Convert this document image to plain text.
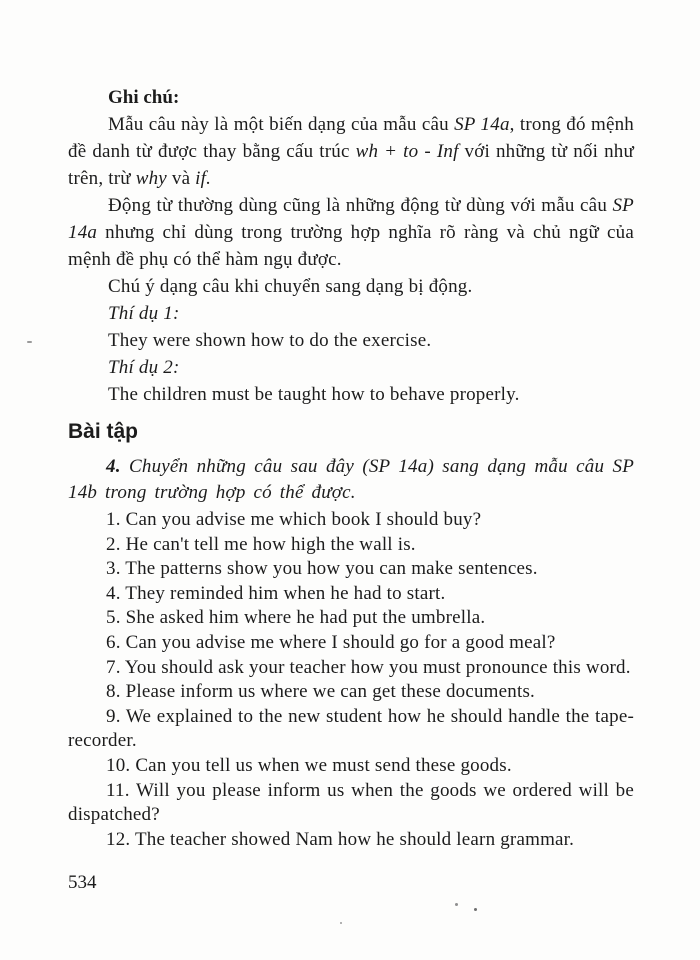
Ghi chú:

Mẫu câu này là một biến dạng của mẫu câu SP 14a, trong đó mệnh đề danh từ được thay bằng cấu trúc wh + to - Inf với những từ nối như trên, trừ why và if.

Động từ thường dùng cũng là những động từ dùng với mẫu câu SP 14a nhưng chỉ dùng trong trường hợp nghĩa rõ ràng và chủ ngữ của mệnh đề phụ có thể hàm ngụ được.

Chú ý dạng câu khi chuyển sang dạng bị động.

Thí dụ 1:

They were shown how to do the exercise.

Thí dụ 2:

The children must be taught how to behave properly.

Bài tập

4. Chuyển những câu sau đây (SP 14a) sang dạng mẫu câu SP 14b trong trường hợp có thể được.

1. Can you advise me which book I should buy?

2. He can't tell me how high the wall is.

3. The patterns show you how you can make sentences.

4. They reminded him when he had to start.

5. She asked him where he had put the umbrella.

6. Can you advise me where I should go for a good meal?

7. You should ask your teacher how you must pronounce this word.

8. Please inform us where we can get these documents.

9. We explained to the new student how he should handle the tape-recorder.

10. Can you tell us when we must send these goods.

11. Will you please inform us when the goods we ordered will be dispatched?

12. The teacher showed Nam how he should learn grammar.

534
